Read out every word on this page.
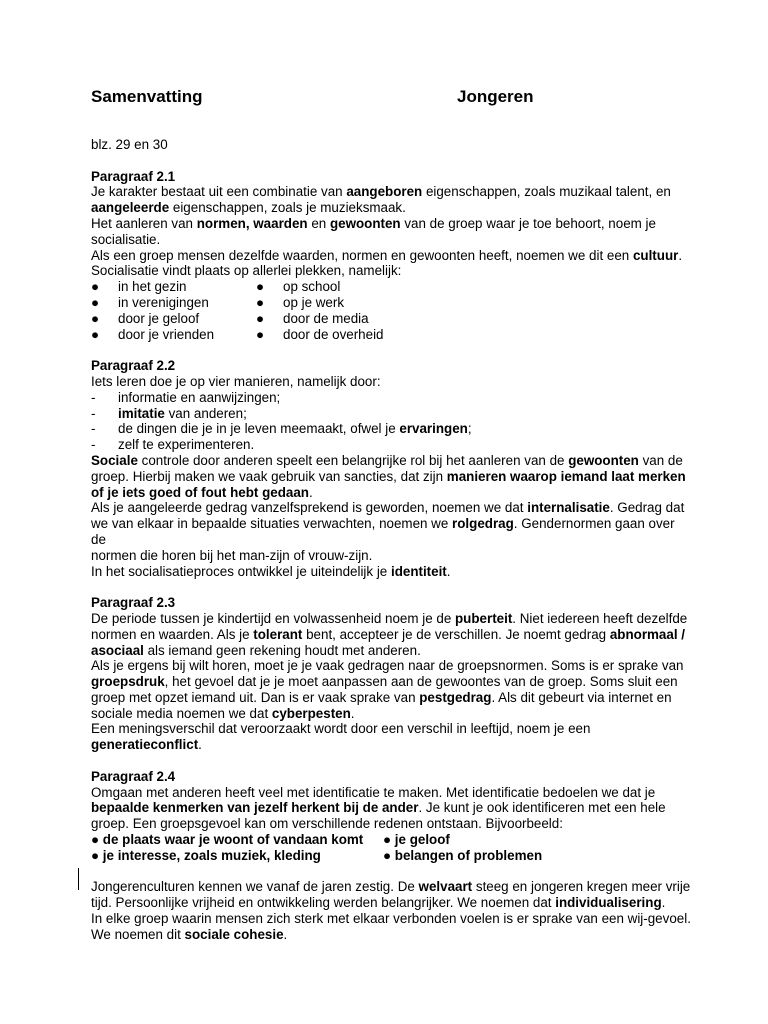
Samenvatting	Jongeren

blz. 29 en 30

Paragraaf 2.1

Je karakter bestaat uit een combinatie van aangeboren eigenschappen, zoals muzikaal talent, en

aangeleerde eigenschappen, zoals je muzieksmaak.

Het aanleren van normen, waarden en gewoonten van de groep waar je toe behoort, noem je

socialisatie.

Als een groep mensen dezelfde waarden, normen en gewoonten heeft, noemen we dit een cultuur.

Socialisatie vindt plaats op allerlei plekken, namelijk:

●	in het gezin	●	op school
●	in verenigingen	●	op je werk
●	door je geloof	●	door de media
●	door je vrienden	●	door de overheid

Paragraaf 2.2

Iets leren doe je op vier manieren, namelijk door:

-	informatie en aanwijzingen;
-	imitatie van anderen;
-	de dingen die je in je leven meemaakt, ofwel je ervaringen;
-	zelf te experimenteren.

Sociale controle door anderen speelt een belangrijke rol bij het aanleren van de gewoonten van de

groep. Hierbij maken we vaak gebruik van sancties, dat zijn manieren waarop iemand laat merken

of je iets goed of fout hebt gedaan.

Als je aangeleerde gedrag vanzelfsprekend is geworden, noemen we dat internalisatie. Gedrag dat

we van elkaar in bepaalde situaties verwachten, noemen we rolgedrag. Gendernormen gaan over de

normen die horen bij het man-zijn of vrouw-zijn.

In het socialisatieproces ontwikkel je uiteindelijk je identiteit.

Paragraaf 2.3

De periode tussen je kindertijd en volwassenheid noem je de puberteit. Niet iedereen heeft dezelfde

normen en waarden. Als je tolerant bent, accepteer je de verschillen. Je noemt gedrag abnormaal /

asociaal als iemand geen rekening houdt met anderen.

Als je ergens bij wilt horen, moet je je vaak gedragen naar de groepsnormen. Soms is er sprake van

groepsdruk, het gevoel dat je je moet aanpassen aan de gewoontes van de groep. Soms sluit een

groep met opzet iemand uit. Dan is er vaak sprake van pestgedrag. Als dit gebeurt via internet en

sociale media noemen we dat cyberpesten.

Een meningsverschil dat veroorzaakt wordt door een verschil in leeftijd, noem je een

generatieconflict.

Paragraaf 2.4

Omgaan met anderen heeft veel met identificatie te maken. Met identificatie bedoelen we dat je

bepaalde kenmerken van jezelf herkent bij de ander. Je kunt je ook identificeren met een hele

groep. Een groepsgevoel kan om verschillende redenen ontstaan. Bijvoorbeeld:

● de plaats waar je woont of vandaan komt	● je geloof
● je interesse, zoals muziek, kleding	● belangen of problemen

Jongerenculturen kennen we vanaf de jaren zestig. De welvaart steeg en jongeren kregen meer vrije

tijd. Persoonlijke vrijheid en ontwikkeling werden belangrijker. We noemen dat individualisering.

In elke groep waarin mensen zich sterk met elkaar verbonden voelen is er sprake van een wij-gevoel.

We noemen dit sociale cohesie.
